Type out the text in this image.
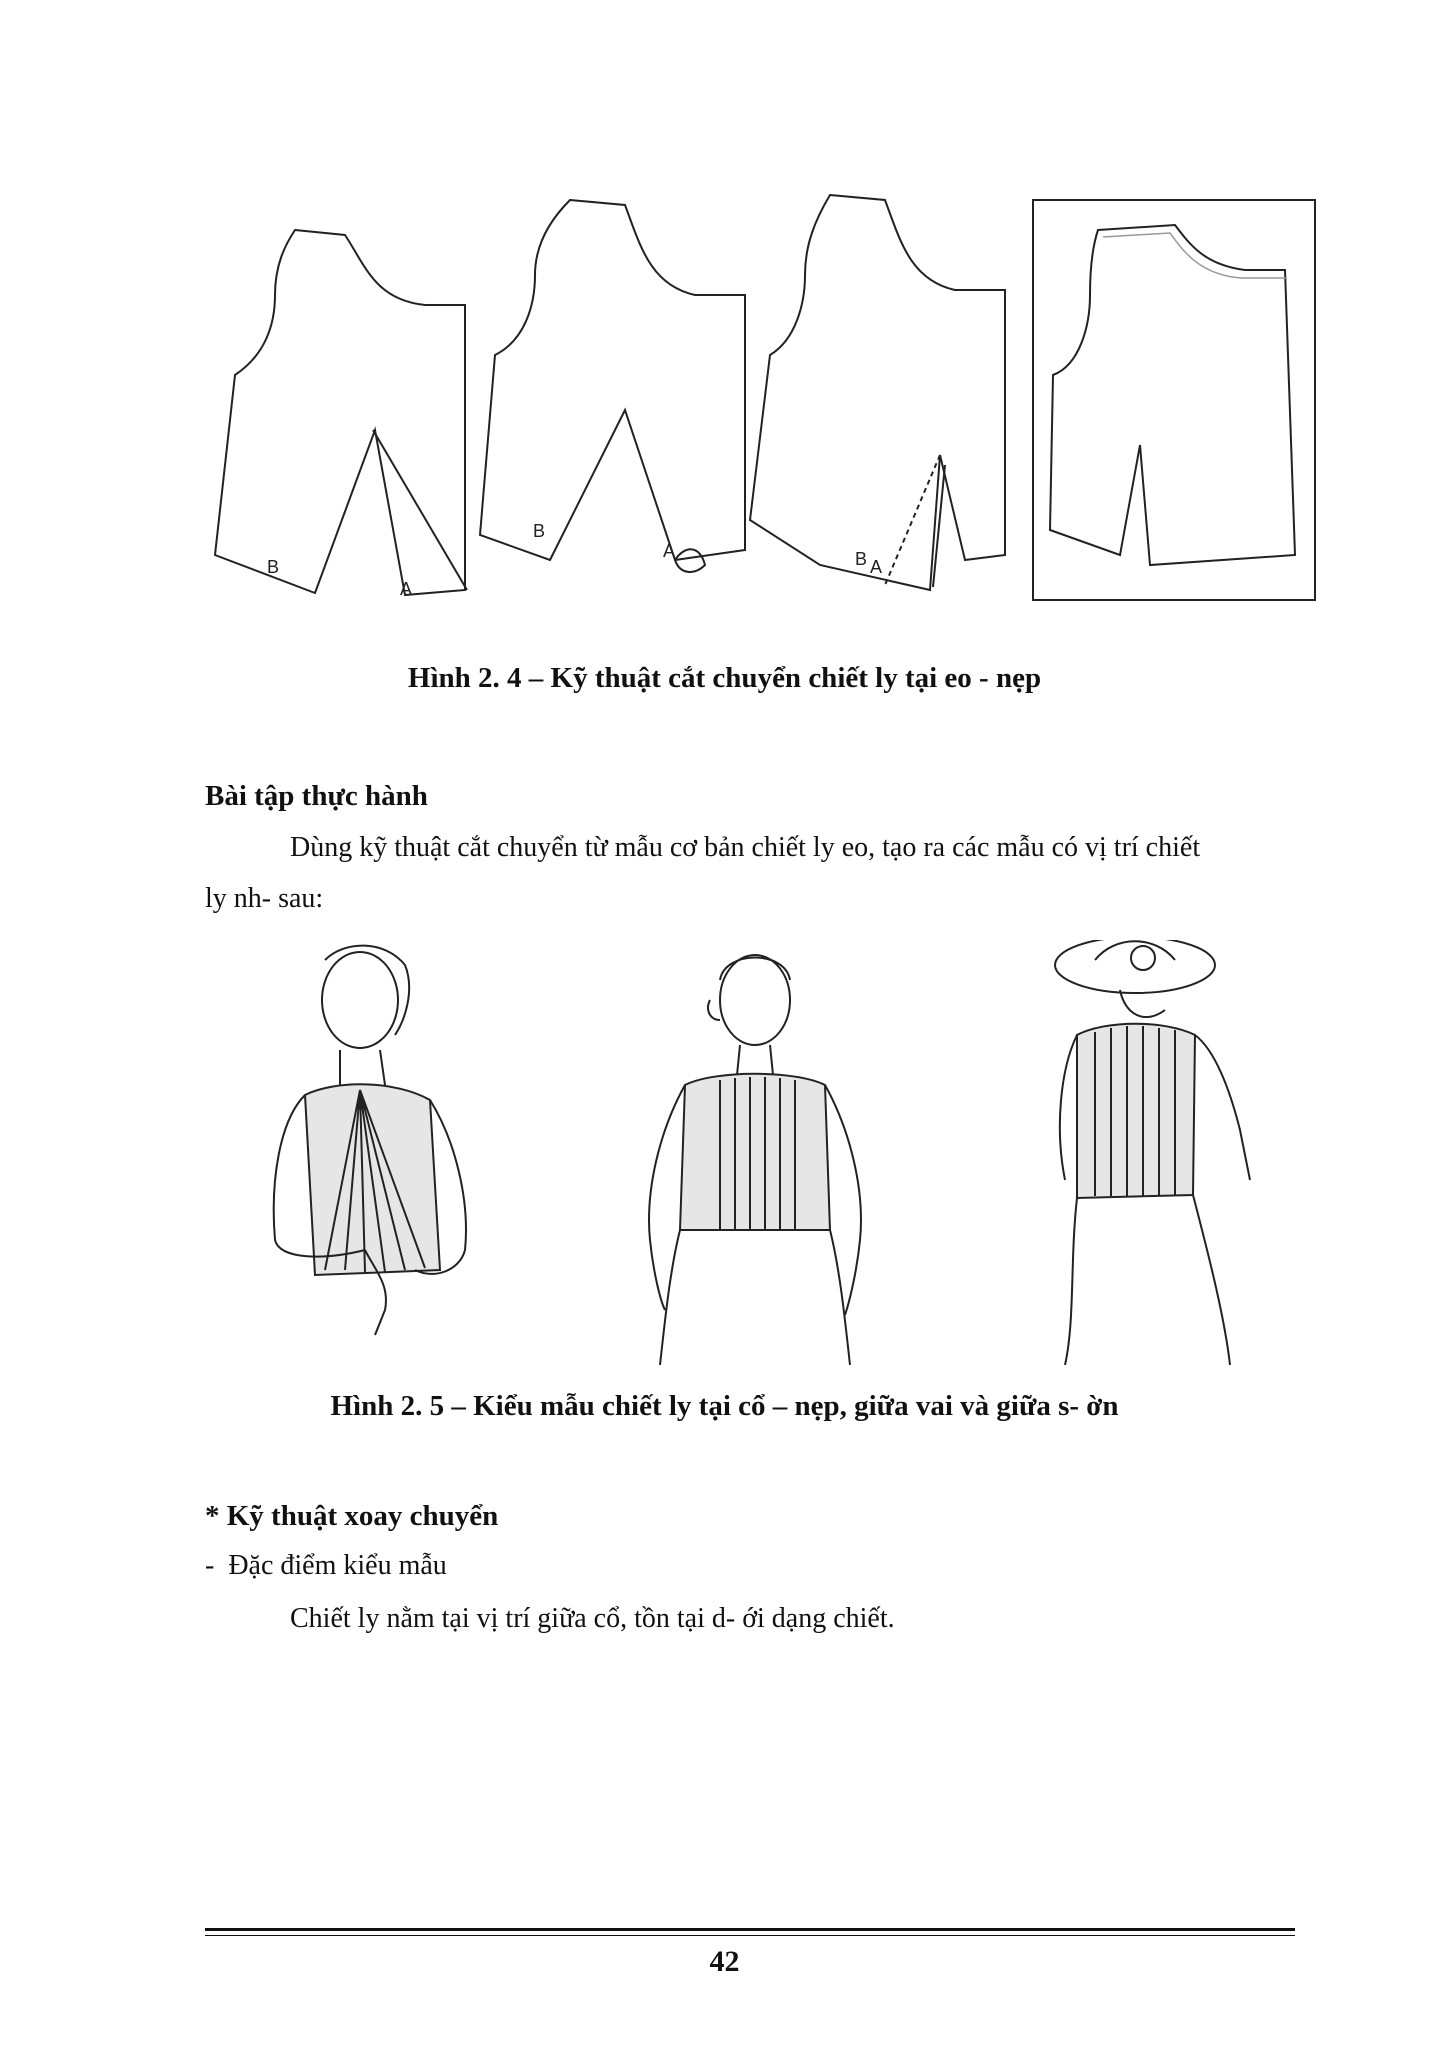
B
A
B
A	B A
Hình 2. 4 – Kỹ thuật cắt chuyển chiết ly tại eo - nẹp
Bài tập thực hành
Dùng kỹ thuật cắt chuyển từ mẫu cơ bản chiết ly eo, tạo ra các mẫu có vị trí chiết
ly nh- sau:
Hình 2. 5 – Kiểu mẫu chiết ly tại cổ – nẹp, giữa vai và giữa s- ờn
* Kỹ thuật xoay chuyển
-  Đặc điểm kiểu mẫu
Chiết ly nằm tại vị trí giữa cổ, tồn tại d- ới dạng chiết.
42
